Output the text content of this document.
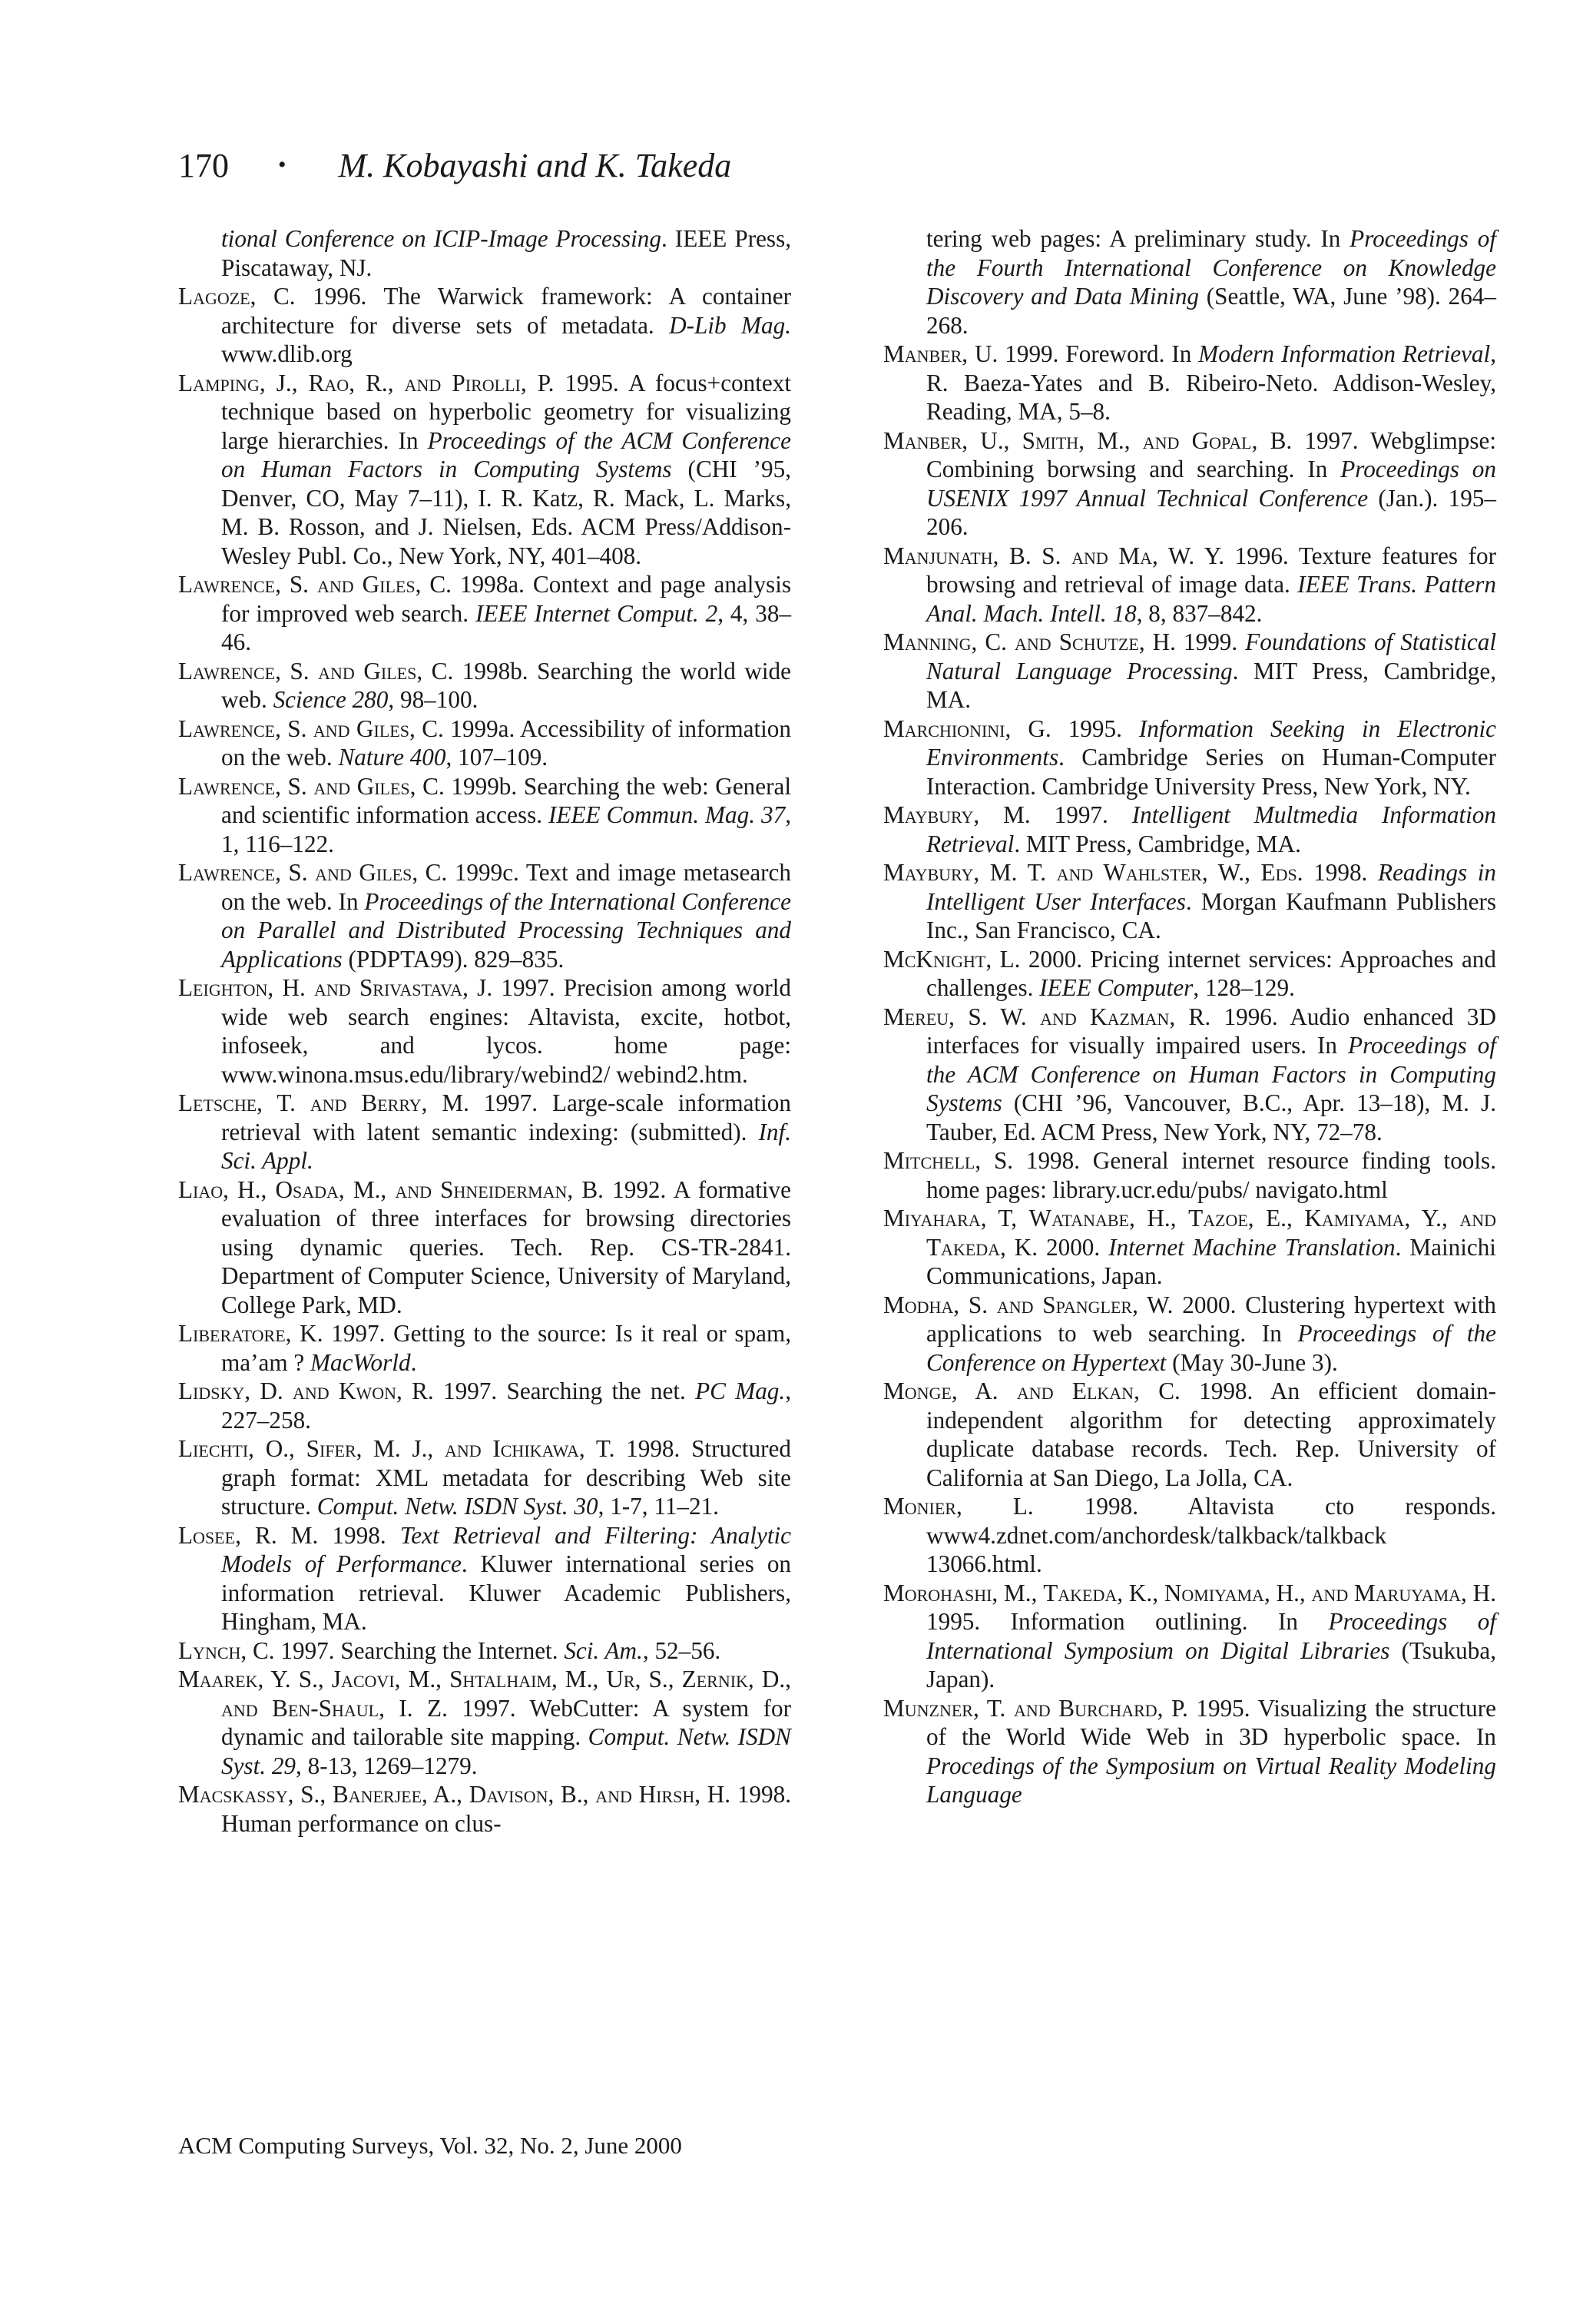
170 • M. Kobayashi and K. Takeda

tional Conference on ICIP-Image Processing. IEEE Press, Piscataway, NJ.

Lagoze, C. 1996. The Warwick framework: A container architecture for diverse sets of metadata. D-Lib Mag. www.dlib.org

Lamping, J., Rao, R., and Pirolli, P. 1995. A focus+context technique based on hyperbolic geometry for visualizing large hierarchies. In Proceedings of the ACM Conference on Human Factors in Computing Systems (CHI ’95, Denver, CO, May 7–11), I. R. Katz, R. Mack, L. Marks, M. B. Rosson, and J. Nielsen, Eds. ACM Press/Addison-Wesley Publ. Co., New York, NY, 401–408.

Lawrence, S. and Giles, C. 1998a. Context and page analysis for improved web search. IEEE Internet Comput. 2, 4, 38–46.

Lawrence, S. and Giles, C. 1998b. Searching the world wide web. Science 280, 98–100.

Lawrence, S. and Giles, C. 1999a. Accessibility of information on the web. Nature 400, 107–109.

Lawrence, S. and Giles, C. 1999b. Searching the web: General and scientific information access. IEEE Commun. Mag. 37, 1, 116–122.

Lawrence, S. and Giles, C. 1999c. Text and image metasearch on the web. In Proceedings of the International Conference on Parallel and Distributed Processing Techniques and Applications (PDPTA99). 829–835.

Leighton, H. and Srivastava, J. 1997. Precision among world wide web search engines: Altavista, excite, hotbot, infoseek, and lycos. home page: www.winona.msus.edu/library/webind2/ webind2.htm.

Letsche, T. and Berry, M. 1997. Large-scale information retrieval with latent semantic indexing: (submitted). Inf. Sci. Appl.

Liao, H., Osada, M., and Shneiderman, B. 1992. A formative evaluation of three interfaces for browsing directories using dynamic queries. Tech. Rep. CS-TR-2841. Department of Computer Science, University of Maryland, College Park, MD.

Liberatore, K. 1997. Getting to the source: Is it real or spam, ma’am ? MacWorld.

Lidsky, D. and Kwon, R. 1997. Searching the net. PC Mag., 227–258.

Liechti, O., Sifer, M. J., and Ichikawa, T. 1998. Structured graph format: XML metadata for describing Web site structure. Comput. Netw. ISDN Syst. 30, 1-7, 11–21.

Losee, R. M. 1998. Text Retrieval and Filtering: Analytic Models of Performance. Kluwer international series on information retrieval. Kluwer Academic Publishers, Hingham, MA.

Lynch, C. 1997. Searching the Internet. Sci. Am., 52–56.

Maarek, Y. S., Jacovi, M., Shtalhaim, M., Ur, S., Zernik, D., and Ben-Shaul, I. Z. 1997. WebCutter: A system for dynamic and tailorable site mapping. Comput. Netw. ISDN Syst. 29, 8-13, 1269–1279.

Macskassy, S., Banerjee, A., Davison, B., and Hirsh, H. 1998. Human performance on clus-

tering web pages: A preliminary study. In Proceedings of the Fourth International Conference on Knowledge Discovery and Data Mining (Seattle, WA, June ’98). 264–268.

Manber, U. 1999. Foreword. In Modern Information Retrieval, R. Baeza-Yates and B. Ribeiro-Neto. Addison-Wesley, Reading, MA, 5–8.

Manber, U., Smith, M., and Gopal, B. 1997. Webglimpse: Combining borwsing and searching. In Proceedings on USENIX 1997 Annual Technical Conference (Jan.). 195–206.

Manjunath, B. S. and Ma, W. Y. 1996. Texture features for browsing and retrieval of image data. IEEE Trans. Pattern Anal. Mach. Intell. 18, 8, 837–842.

Manning, C. and Schutze, H. 1999. Foundations of Statistical Natural Language Processing. MIT Press, Cambridge, MA.

Marchionini, G. 1995. Information Seeking in Electronic Environments. Cambridge Series on Human-Computer Interaction. Cambridge University Press, New York, NY.

Maybury, M. 1997. Intelligent Multmedia Information Retrieval. MIT Press, Cambridge, MA.

Maybury, M. T. and Wahlster, W., Eds. 1998. Readings in Intelligent User Interfaces. Morgan Kaufmann Publishers Inc., San Francisco, CA.

McKnight, L. 2000. Pricing internet services: Approaches and challenges. IEEE Computer, 128–129.

Mereu, S. W. and Kazman, R. 1996. Audio enhanced 3D interfaces for visually impaired users. In Proceedings of the ACM Conference on Human Factors in Computing Systems (CHI ’96, Vancouver, B.C., Apr. 13–18), M. J. Tauber, Ed. ACM Press, New York, NY, 72–78.

Mitchell, S. 1998. General internet resource finding tools. home pages: library.ucr.edu/pubs/ navigato.html

Miyahara, T, Watanabe, H., Tazoe, E., Kamiyama, Y., and Takeda, K. 2000. Internet Machine Translation. Mainichi Communications, Japan.

Modha, S. and Spangler, W. 2000. Clustering hypertext with applications to web searching. In Proceedings of the Conference on Hypertext (May 30-June 3).

Monge, A. and Elkan, C. 1998. An efficient domain-independent algorithm for detecting approximately duplicate database records. Tech. Rep. University of California at San Diego, La Jolla, CA.

Monier, L. 1998. Altavista cto responds. www4.zdnet.com/anchordesk/talkback/talkback 13066.html.

Morohashi, M., Takeda, K., Nomiyama, H., and Maruyama, H. 1995. Information outlining. In Proceedings of International Symposium on Digital Libraries (Tsukuba, Japan).

Munzner, T. and Burchard, P. 1995. Visualizing the structure of the World Wide Web in 3D hyperbolic space. In Procedings of the Symposium on Virtual Reality Modeling Language

ACM Computing Surveys, Vol. 32, No. 2, June 2000
